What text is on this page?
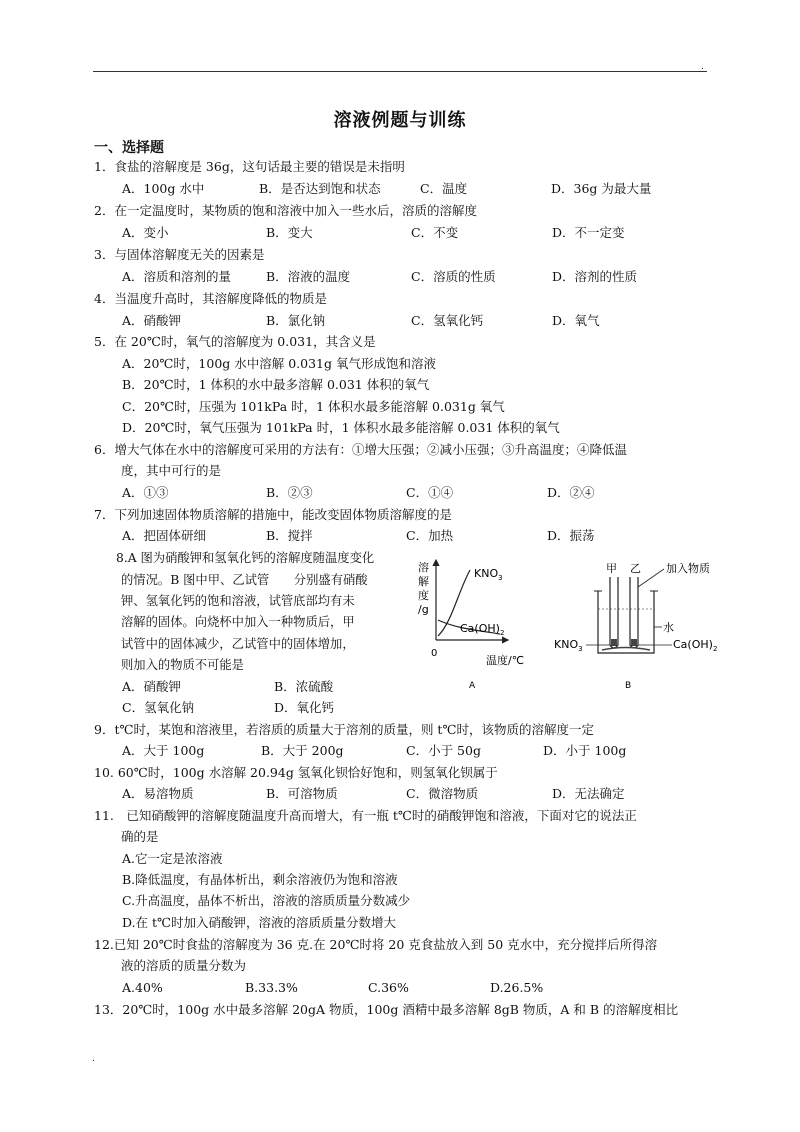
.
溶液例题与训练
一、选择题
1．食盐的溶解度是 36g，这句话最主要的错误是未指明
A．100g 水中	B．是否达到饱和状态	C．温度	D．36g 为最大量
2．在一定温度时，某物质的饱和溶液中加入一些水后，溶质的溶解度
A．变小	B．变大	C．不变	D．不一定变
3．与固体溶解度无关的因素是
A．溶质和溶剂的量	B．溶液的温度	C．溶质的性质	D．溶剂的性质
4．当温度升高时，其溶解度降低的物质是
A．硝酸钾	B．氯化钠	C．氢氧化钙	D．氧气
5．在 20℃时，氧气的溶解度为 0.031，其含义是
A．20℃时，100g 水中溶解 0.031g 氧气形成饱和溶液
B．20℃时，1 体积的水中最多溶解 0.031 体积的氧气
C．20℃时，压强为 101kPa 时，1 体积水最多能溶解 0.031g 氧气
D．20℃时，氧气压强为 101kPa 时，1 体积水最多能溶解 0.031 体积的氧气
6．增大气体在水中的溶解度可采用的方法有：①增大压强；②减小压强；③升高温度；④降低温
度，其中可行的是
A．①③	B．②③	C．①④	D．②④
7．下列加速固体物质溶解的措施中，能改变固体物质溶解度的是
A．把固体研细	B．搅拌	C．加热	D．振荡
8.A 图为硝酸钾和氢氧化钙的溶解度随温度变化
的情况。B 图中甲、乙试管　　分别盛有硝酸
钾、氢氧化钙的饱和溶液，试管底部均有未
溶解的固体。向烧杯中加入一种物质后，甲
试管中的固体减少，乙试管中的固体增加，
则加入的物质不可能是
A．硝酸钾	B．浓硫酸
C．氢氧化钠	D．氧化钙
溶
解
度
/g
$KNO_3$
$Ca(OH)_2$
0
温度/℃
A
甲 乙 加入物质
水
$KNO_3$	$Ca(OH)_2$
B
9．t℃时，某饱和溶液里，若溶质的质量大于溶剂的质量，则 t℃时，该物质的溶解度一定
A．大于 100g	B．大于 200g	C．小于 50g	D．小于 100g
10. 60℃时，100g 水溶解 20.94g 氢氧化钡恰好饱和，则氢氧化钡属于
A．易溶物质	B．可溶物质	C．微溶物质	D．无法确定
11.　已知硝酸钾的溶解度随温度升高而增大，有一瓶 t℃时的硝酸钾饱和溶液，下面对它的说法正
确的是
A.它一定是浓溶液
B.降低温度，有晶体析出，剩余溶液仍为饱和溶液
C.升高温度，晶体不析出，溶液的溶质质量分数减少
D.在 t℃时加入硝酸钾，溶液的溶质质量分数增大
12.已知 20℃时食盐的溶解度为 36 克.在 20℃时将 20 克食盐放入到 50 克水中，充分搅拌后所得溶
液的溶质的质量分数为
A.40%	B.33.3%	C.36%	D.26.5%
13．20℃时，100g 水中最多溶解 20gA 物质，100g 酒精中最多溶解 8gB 物质，A 和 B 的溶解度相比
.
